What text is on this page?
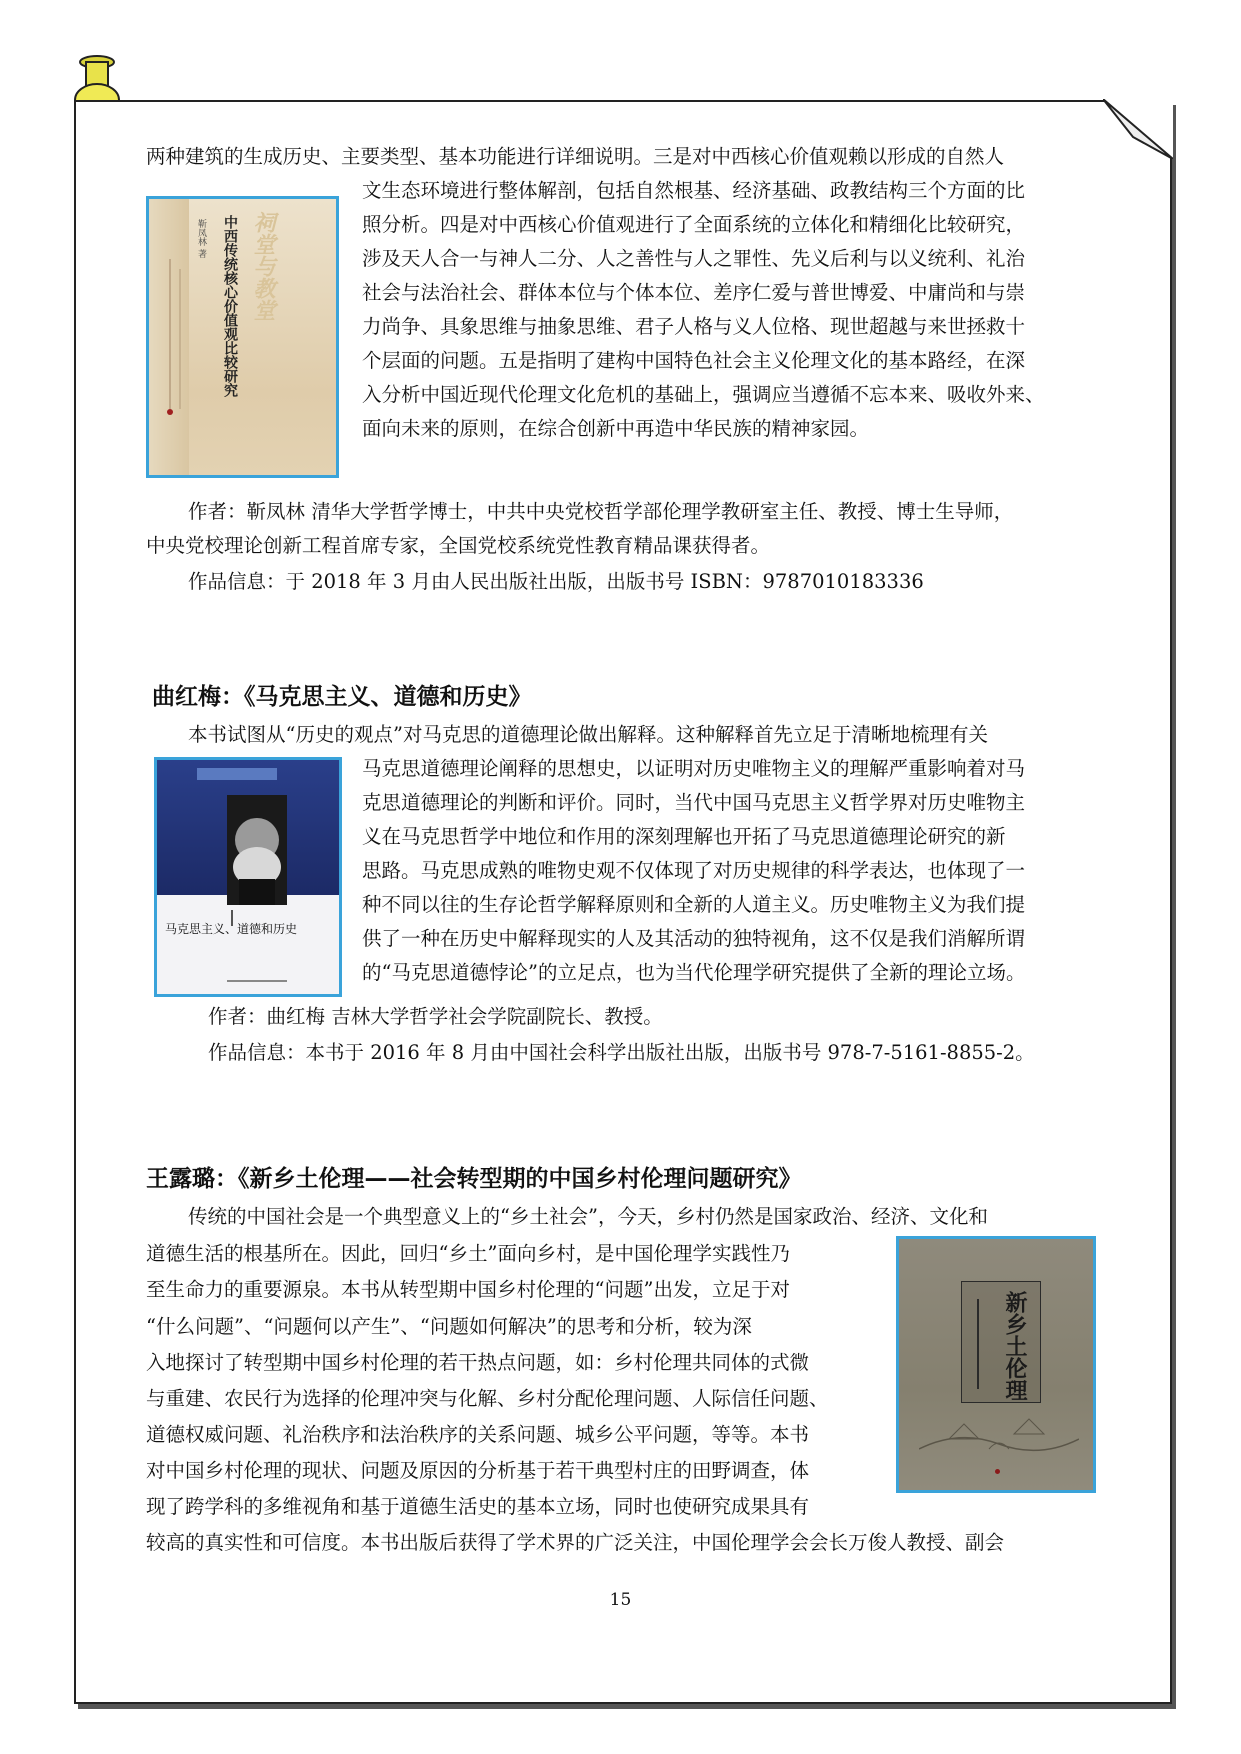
两种建筑的生成历史、主要类型、基本功能进行详细说明。三是对中西核心价值观赖以形成的自然人
文生态环境进行整体解剖，包括自然根基、经济基础、政教结构三个方面的比
照分析。四是对中西核心价值观进行了全面系统的立体化和精细化比较研究，
涉及天人合一与神人二分、人之善性与人之罪性、先义后利与以义统利、礼治
社会与法治社会、群体本位与个体本位、差序仁爱与普世博爱、中庸尚和与崇
力尚争、具象思维与抽象思维、君子人格与义人位格、现世超越与来世拯救十
个层面的问题。五是指明了建构中国特色社会主义伦理文化的基本路经，在深
入分析中国近现代伦理文化危机的基础上，强调应当遵循不忘本来、吸收外来、
面向未来的原则，在综合创新中再造中华民族的精神家园。
祠堂与教堂
中西传统核心价值观比较研究
靳凤林 著
作者：靳凤林 清华大学哲学博士，中共中央党校哲学部伦理学教研室主任、教授、博士生导师，
中央党校理论创新工程首席专家，全国党校系统党性教育精品课获得者。
作品信息：于 2018 年 3 月由人民出版社出版，出版书号 ISBN：9787010183336
曲红梅：《马克思主义、道德和历史》
本书试图从“历史的观点”对马克思的道德理论做出解释。这种解释首先立足于清晰地梳理有关
马克思道德理论阐释的思想史，以证明对历史唯物主义的理解严重影响着对马
克思道德理论的判断和评价。同时，当代中国马克思主义哲学界对历史唯物主
义在马克思哲学中地位和作用的深刻理解也开拓了马克思道德理论研究的新
思路。马克思成熟的唯物史观不仅体现了对历史规律的科学表达，也体现了一
种不同以往的生存论哲学解释原则和全新的人道主义。历史唯物主义为我们提
供了一种在历史中解释现实的人及其活动的独特视角，这不仅是我们消解所谓
的“马克思道德悖论”的立足点，也为当代伦理学研究提供了全新的理论立场。
马克思主义、道德和历史
作者：曲红梅 吉林大学哲学社会学院副院长、教授。
作品信息：本书于 2016 年 8 月由中国社会科学出版社出版，出版书号 978-7-5161-8855-2。
王露璐：《新乡土伦理——社会转型期的中国乡村伦理问题研究》
传统的中国社会是一个典型意义上的“乡土社会”，今天，乡村仍然是国家政治、经济、文化和
道德生活的根基所在。因此，回归“乡土”面向乡村，是中国伦理学实践性乃
至生命力的重要源泉。本书从转型期中国乡村伦理的“问题”出发，立足于对
“什么问题”、“问题何以产生”、“问题如何解决”的思考和分析，较为深
入地探讨了转型期中国乡村伦理的若干热点问题，如：乡村伦理共同体的式微
与重建、农民行为选择的伦理冲突与化解、乡村分配伦理问题、人际信任问题、
道德权威问题、礼治秩序和法治秩序的关系问题、城乡公平问题，等等。本书
对中国乡村伦理的现状、问题及原因的分析基于若干典型村庄的田野调查，体
现了跨学科的多维视角和基于道德生活史的基本立场，同时也使研究成果具有
较高的真实性和可信度。本书出版后获得了学术界的广泛关注，中国伦理学会会长万俊人教授、副会
新乡土伦理
15
